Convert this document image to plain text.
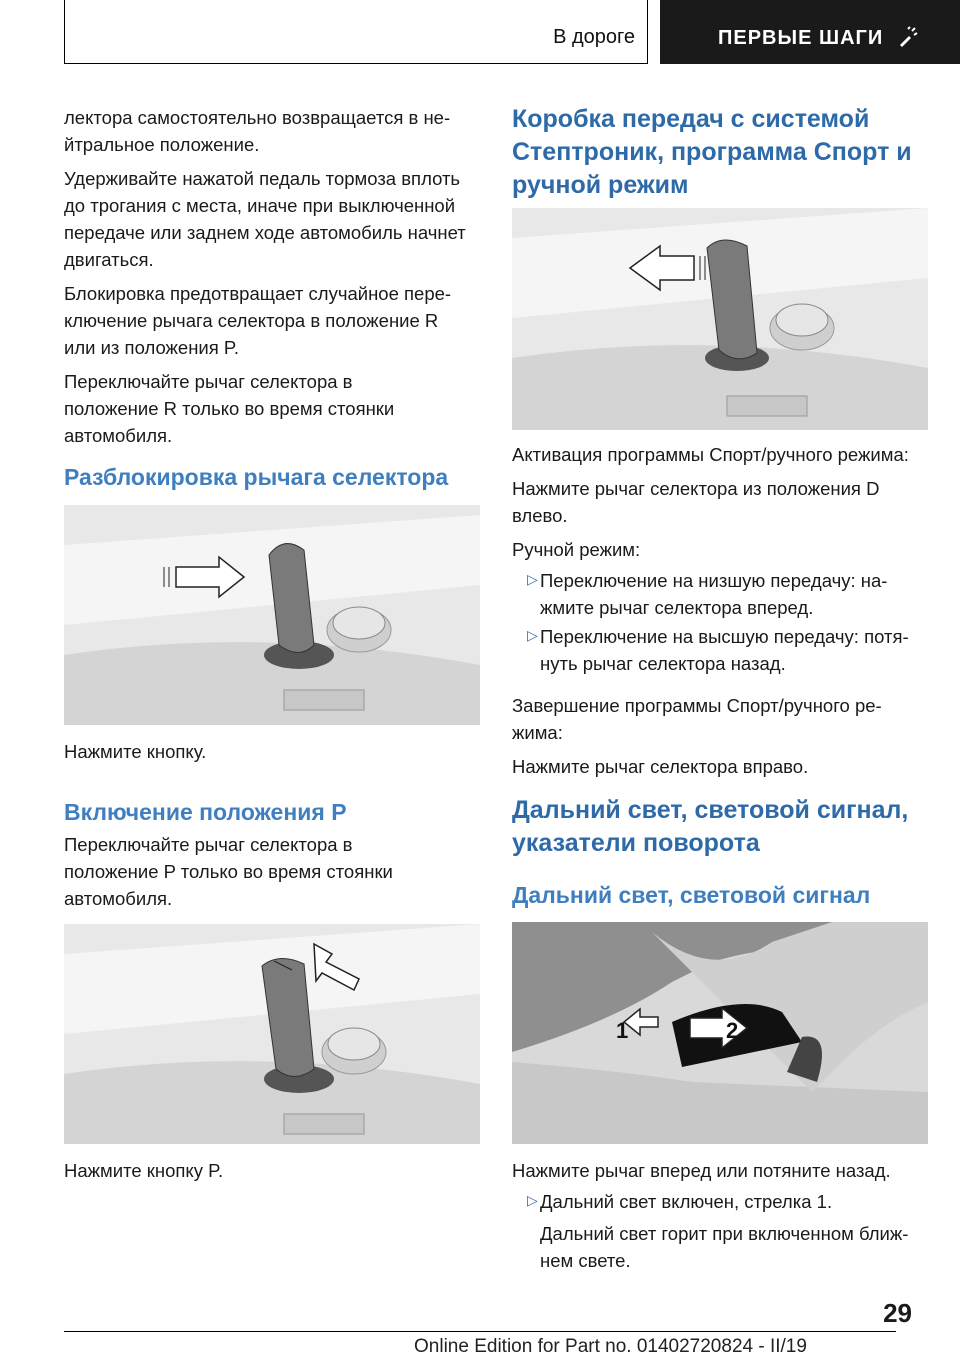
В дороге	ПЕРВЫЕ ШАГИ
лектора самостоятельно возвращается в не-
йтральное положение.
Удерживайте нажатой педаль тормоза вплоть
до трогания с места, иначе при выключенной
передаче или заднем ходе автомобиль начнет
двигаться.
Блокировка предотвращает случайное пере-
ключение рычага селектора в положение R
или из положения P.
Переключайте рычаг селектора в
положение R только во время стоянки
автомобиля.
Разблокировка рычага селектора
Нажмите кнопку.
Включение положения P
Переключайте рычаг селектора в
положение P только во время стоянки
автомобиля.
Нажмите кнопку P.
Коробка передач с системой
Стептроник, программа Спорт и
ручной режим
Активация программы Спорт/ручного режима:
Нажмите рычаг селектора из положения D
влево.
Ручной режим:
▷ Переключение на низшую передачу: на-
жмите рычаг селектора вперед.
▷ Переключение на высшую передачу: потя-
нуть рычаг селектора назад.
Завершение программы Спорт/ручного ре-
жима:
Нажмите рычаг селектора вправо.
Дальний свет, световой сигнал,
указатели поворота
Дальний свет, световой сигнал
1	2
Нажмите рычаг вперед или потяните назад.
▷ Дальний свет включен, стрелка 1.
Дальний свет горит при включенном ближ-
нем свете.
29
Online Edition for Part no. 01402720824 - II/19
